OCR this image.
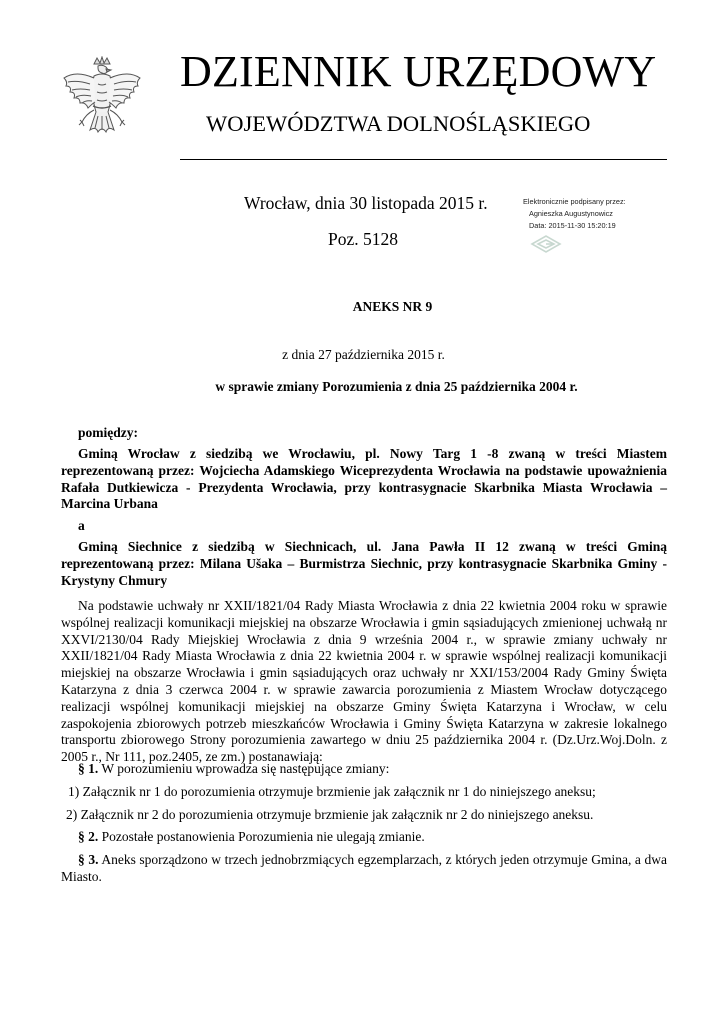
DZIENNIK URZĘDOWY
WOJEWÓDZTWA DOLNOŚLĄSKIEGO
Wrocław, dnia 30 listopada 2015 r.
Poz. 5128
Elektronicznie podpisany przez:
Agnieszka Augustynowicz
Data: 2015-11-30 15:20:19
ANEKS NR 9
z dnia 27 października 2015 r.
w sprawie zmiany Porozumienia z dnia 25 października 2004 r.
pomiędzy:
Gminą Wrocław z siedzibą we Wrocławiu, pl. Nowy Targ 1 -8 zwaną w treści Miastem reprezentowaną przez: Wojciecha Adamskiego Wiceprezydenta Wrocławia na podstawie upoważnienia Rafała Dutkiewicza - Prezydenta Wrocławia, przy kontrasygnacie Skarbnika Miasta Wrocławia – Marcina Urbana
a
Gminą Siechnice z siedzibą w Siechnicach, ul. Jana Pawła II 12 zwaną w treści Gminą reprezentowaną przez: Milana Ušaka – Burmistrza Siechnic, przy kontrasygnacie Skarbnika Gminy -Krystyny Chmury
Na podstawie uchwały nr XXII/1821/04 Rady Miasta Wrocławia z dnia 22 kwietnia 2004 roku w sprawie wspólnej realizacji komunikacji miejskiej na obszarze Wrocławia i gmin sąsiadujących zmienionej uchwałą nr XXVI/2130/04 Rady Miejskiej Wrocławia z dnia 9 września 2004 r., w sprawie zmiany uchwały nr XXII/1821/04 Rady Miasta Wrocławia z dnia 22 kwietnia 2004 r. w sprawie wspólnej realizacji komunikacji miejskiej na obszarze Wrocławia i gmin sąsiadujących oraz uchwały nr XXI/153/2004 Rady Gminy Święta Katarzyna z dnia 3 czerwca 2004 r. w sprawie zawarcia porozumienia z Miastem Wrocław dotyczącego realizacji wspólnej komunikacji miejskiej na obszarze Gminy Święta Katarzyna i Wrocław, w celu zaspokojenia zbiorowych potrzeb mieszkańców Wrocławia i Gminy Święta Katarzyna w zakresie lokalnego transportu zbiorowego Strony porozumienia zawartego w dniu 25 października 2004 r. (Dz.Urz.Woj.Doln. z 2005 r., Nr 111, poz.2405, ze zm.) postanawiają:
§ 1. W porozumieniu wprowadza się następujące zmiany:
1) Załącznik nr 1 do porozumienia otrzymuje brzmienie jak załącznik nr 1 do niniejszego aneksu;
2) Załącznik nr 2 do porozumienia otrzymuje brzmienie jak załącznik nr 2 do niniejszego aneksu.
§ 2. Pozostałe postanowienia Porozumienia nie ulegają zmianie.
§ 3. Aneks sporządzono w trzech jednobrzmiących egzemplarzach, z których jeden otrzymuje Gmina, a dwa Miasto.
